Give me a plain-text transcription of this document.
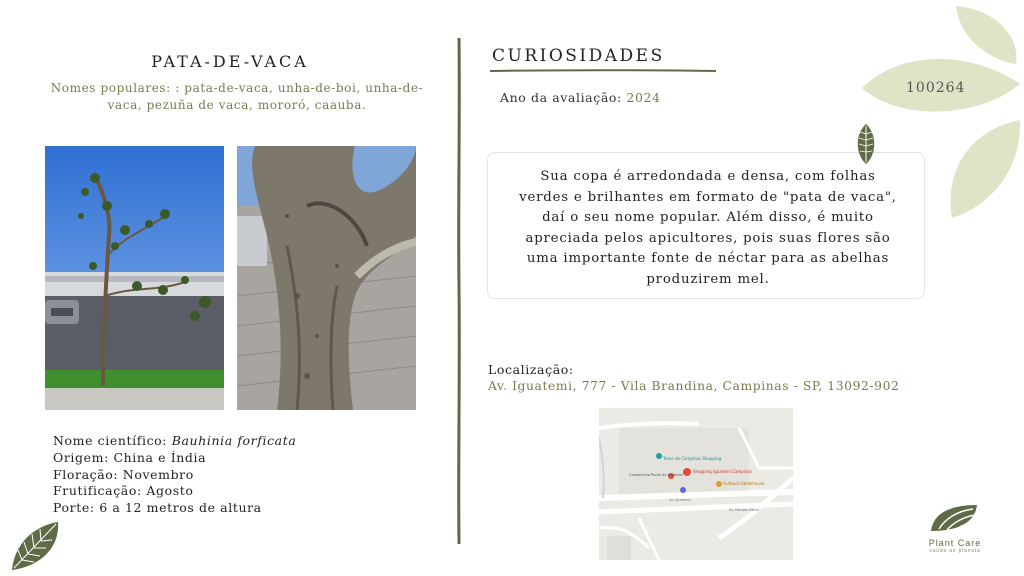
PATA-DE-VACA
Nomes populares: : pata-de-vaca, unha-de-boi, unha-de-vaca, pezuña de vaca, mororó, caauba.
Nome científico: Bauhinia forficata
Origem: China e Índia
Floração: Novembro
Frutificação: Agosto
Porte: 6 a 12 metros de altura
CURIOSIDADES
Ano da avaliação: 2024
100264
Sua copa é arredondada e densa, com folhas verdes e brilhantes em formato de "pata de vaca", daí o seu nome popular. Além disso, é muito apreciada pelos apicultores, pois suas flores são uma importante fonte de néctar para as abelhas produzirem mel.
Localização:
Av. Iguatemi, 777 - Vila Brandina, Campinas - SP, 13092-902
Trevo do Campinas Shopping
Shopping Iguatemi Campinas
Outback Steakhouse
Condomínio Portal do Iguatemi
Av. Iguatemi
Av. Moraes Salles
Plant Care
saúde ao planeta
